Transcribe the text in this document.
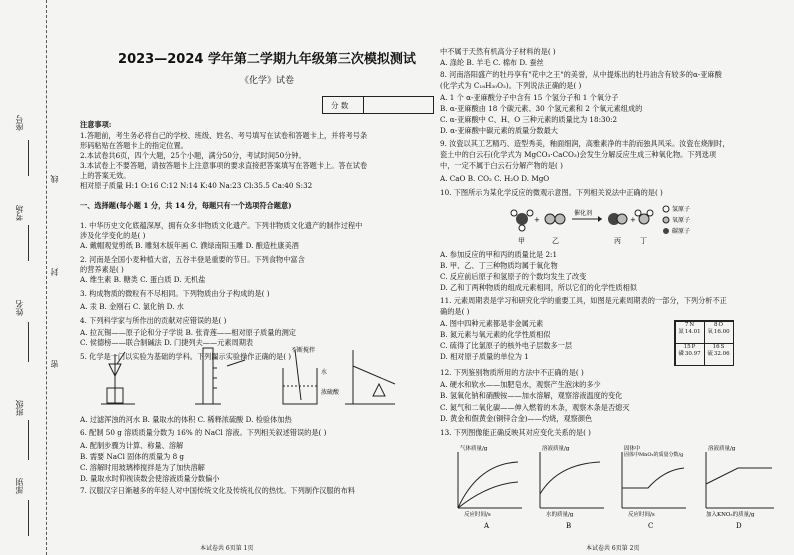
座号
考场
姓名
班级
部别
线
封
密
2023—2024 学年第二学期九年级第三次模拟测试
《化学》试卷
分 数

注意事项:

1.答题前，考生务必将自己的学校、班级、姓名、考号填写在试卷和答题卡上，并将考号条

形码粘贴在答题卡上的指定位置。

2.本试卷共6页，四个大题，25个小题，满分50分，考试时间50分钟。

3.本试卷上不要答题，请按答题卡上注意事项的要求直接把答案填写在答题卡上。答在试卷

上的答案无效。

相对原子质量 H:1 O:16 C:12 N:14 K:40 Na:23 Cl:35.5 Ca:40 S:32

一、选择题(每小题 1 分，共 14 分，每题只有一个选项符合题意)

1. 中华历史文化底蕴深厚，拥有众多非物质文化遗产。下列非物质文化遗产的制作过程中

涉及化学变化的是( )

A. 戴帽观觉剪纸 B. 雕刻木版年画 C. 濮绿南阳玉雕 D. 酿造杜康美酒

2. 河南是全国小麦种植大省，五谷丰登是重要的节日。下列食物中富含

的营养素是( )

A. 维生素 B. 糖类 C. 蛋白质 D. 无机盐

3. 构成物质的微粒有不尽相同。下列物质由分子构成的是( )

A. 汞 B. 金刚石 C. 氯化钠 D. 水

4. 下列科学家与所作出的贡献对应错误的是( )

A. 拉瓦锡——原子论和分子学说 B. 张青莲——相对原子质量的测定

C. 侯德榜——联合制碱法 D. 门捷列夫——元素周期表

5. 化学是一门以实验为基础的学科。下列图示实验操作正确的是( )

A. 过滤浑浊的河水 B. 量取水的体积 C. 稀释浓硫酸 D. 检验体加热

6. 配制 50 g 溶质质量分数为 16% 的 NaCl 溶液。下列相关叙述错误的是( )

A. 配制步骤为计算、称量、溶解

B. 需要 NaCl 固体的质量为 8 g

C. 溶解时用玻璃棒搅拌是为了加快溶解

D. 量取水时仰视读数会使溶液质量分数偏小

7. 汉服汉字日渐越多的年轻人对中国传统文化及传统礼仪的热忱。下列制作汉服的布料

不断搅拌
水
浓硫酸

中不属于天然有机高分子材料的是( )

A. 涤纶 B. 羊毛 C. 棉布 D. 蚕丝

8. 河南洛阳盛产的牡丹享有"花中之王"的美誉，从中提炼出的牡丹油含有较多的α-亚麻酸

(化学式为 C₁₈H₃₀O₂)。下列说法正确的是( )

A. 1 个 α-亚麻酸分子中含有 15 个氢分子和 1 个氧分子

B. α-亚麻酸由 18 个碳元素、30 个氢元素和 2 个氧元素组成的

C. α-亚麻酸中 C、H、O 三种元素的质量比为 18:30:2

D. α-亚麻酸中碳元素的质量分数最大

9. 汝瓷以其工艺精巧、造型秀美，釉面细润，高雅素净的丰韵而独具风采。汝瓷在烧制时，

瓷土中的白云石(化学式为 MgCO₃·CaCO₃)会发生分解反应生成三种氧化物。下列选项

中，一定不属于白云石分解产物的是( )

A. CaO B. CO₂ C. H₂O D. MgO

10. 下图所示为某化学反应的微观示意图。下列相关说法中正确的是( )

A. 参加反应的甲和丙的质量比是 2:1

B. 甲、乙、丁三种物质均属于氧化物

C. 反应前后原子和氢原子的个数均发生了改变

D. 乙和丁两种物质的组成元素相同，所以它们的化学性质相似

11. 元素周期表是学习和研究化学的重要工具，如图是元素周期表的一部分，下列分析不正

确的是( )

A. 图中四种元素都是非金属元素

B. 氮元素与氧元素的化学性质相似

C. 硫得了比氯原子的核外电子层数多一层

D. 相对原子质量的单位为 1

12. 下列鉴别物质所用的方法中不正确的是( )

A. 硬水和软水——加肥皂水，观察产生泡沫的多少

B. 氢氧化钠和硝酸铵——加水溶解，观察溶液温度的变化

C. 氮气和二氧化碳——伸入燃着的木条，观察木条是否熄灭

D. 黄金和假黄金(铜锌合金)——灼烧，观察颜色

13. 下列图像能正确反映其对应变化关系的是( )

甲
+
乙
催化剂
丙
+
丁
氢原子
氧原子
碳原子
7N
氮14.01
8O
氧16.00
15P
磷30.97
16S
硫32.06
气体质量/g
反应时间/s
A
溶液质量/g
水的质量/g
B
固体中
固体中MnO₂的质量分数/g
反应时间/s
C
溶液质量/g
加入KNO₃的质量/g
D
本试卷共 6页第 1页	本试卷共 6页第 2页
